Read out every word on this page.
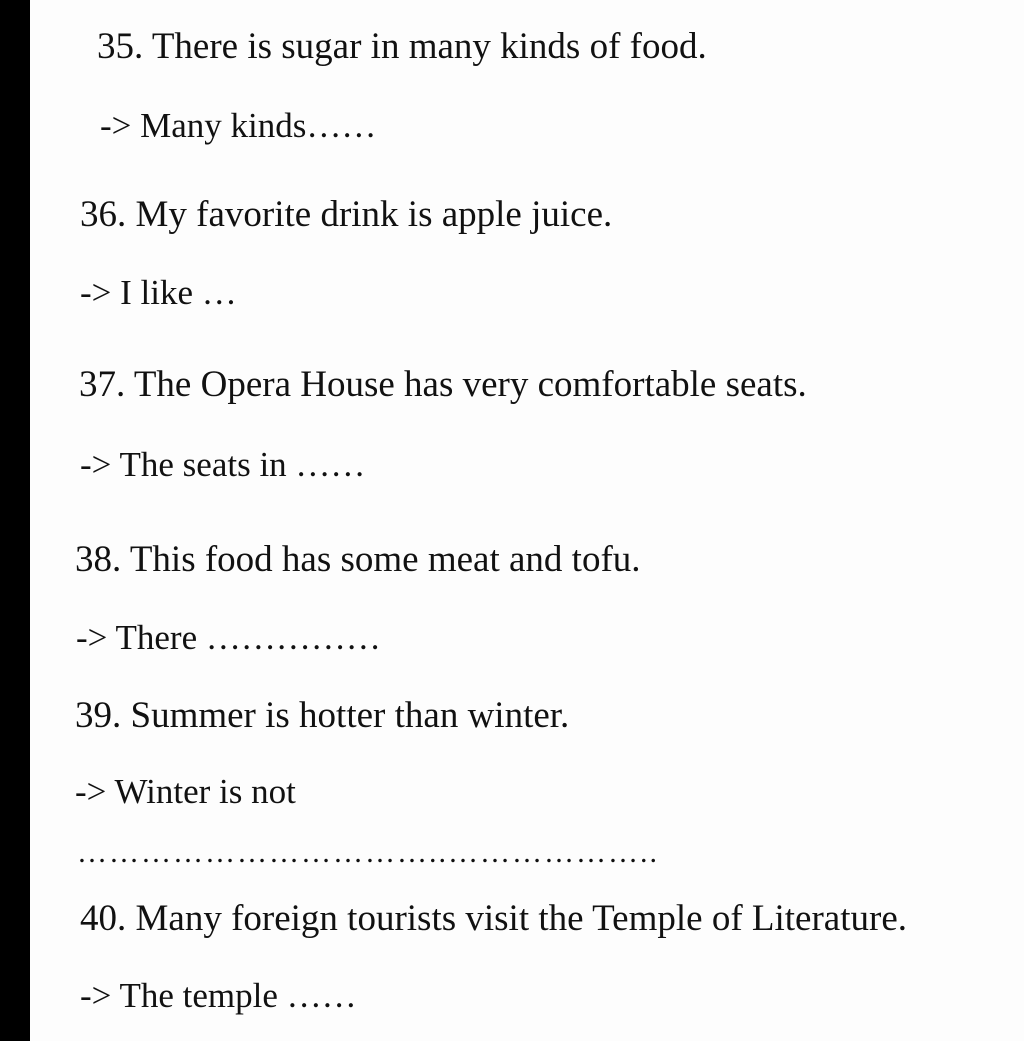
35. There is sugar in many kinds of food.
-> Many kinds……
36. My favorite drink is apple juice.
-> I like …
37. The Opera House has very comfortable seats.
-> The seats in ……
38. This food has some meat and tofu.
-> There ……………
39. Summer is hotter than winter.
-> Winter is not
……………………………..………………..
40. Many foreign tourists visit the Temple of Literature.
-> The temple ……
